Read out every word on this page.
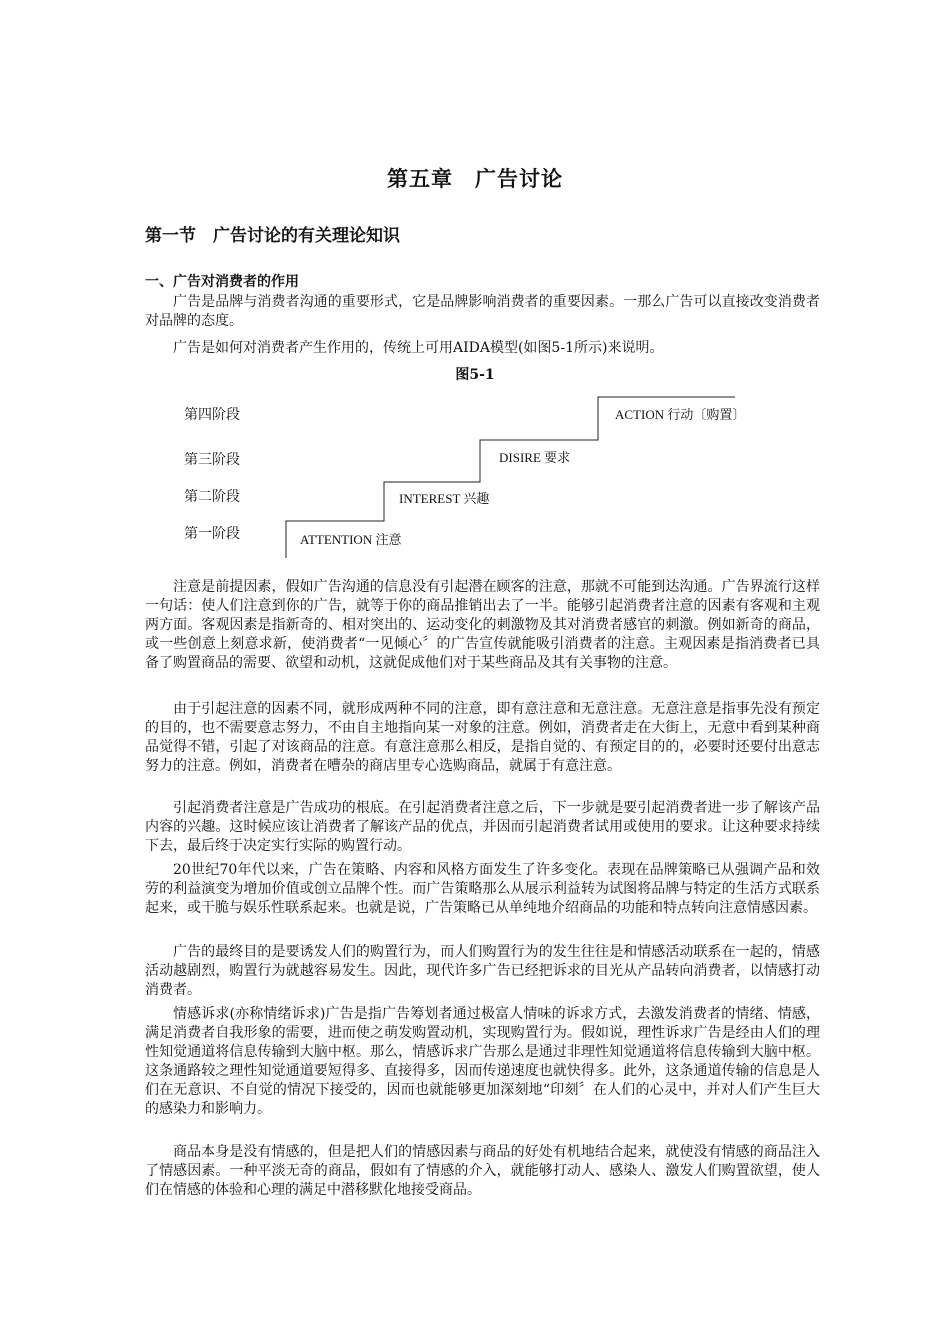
第五章　广告讨论
第一节　广告讨论的有关理论知识
一、广告对消费者的作用

广告是品牌与消费者沟通的重要形式，它是品牌影响消费者的重要因素。一那么广告可以直接改变消费者对品牌的态度。

广告是如何对消费者产生作用的，传统上可用AIDA模型(如图5-1所示)来说明。

图5-1
第四阶段
第三阶段
第二阶段
第一阶段	ATTENTION 注意
INTEREST 兴趣
DISIRE 要求
ACTION 行动〔购置〕

注意是前提因素，假如广告沟通的信息没有引起潜在顾客的注意，那就不可能到达沟通。广告界流行这样一句话：使人们注意到你的广告，就等于你的商品推销出去了一半。能够引起消费者注意的因素有客观和主观两方面。客观因素是指新奇的、相对突出的、运动变化的刺激物及其对消费者感官的刺激。例如新奇的商品，或一些创意上刻意求新，使消费者“一见倾心〞的广告宣传就能吸引消费者的注意。主观因素是指消费者已具备了购置商品的需要、欲望和动机，这就促成他们对于某些商品及其有关事物的注意。

由于引起注意的因素不同，就形成两种不同的注意，即有意注意和无意注意。无意注意是指事先没有预定的目的，也不需要意志努力，不由自主地指向某一对象的注意。例如，消费者走在大街上，无意中看到某种商品觉得不错，引起了对该商品的注意。有意注意那么相反，是指自觉的、有预定目的的，必要时还要付出意志努力的注意。例如，消费者在嘈杂的商店里专心选购商品，就属于有意注意。

引起消费者注意是广告成功的根底。在引起消费者注意之后，下一步就是要引起消费者进一步了解该产品内容的兴趣。这时候应该让消费者了解该产品的优点，并因而引起消费者试用或使用的要求。让这种要求持续下去，最后终于决定实行实际的购置行动。

20世纪70年代以来，广告在策略、内容和风格方面发生了许多变化。表现在品牌策略已从强调产品和效劳的利益演变为增加价值或创立品牌个性。而广告策略那么从展示利益转为试图将品牌与特定的生活方式联系起来，或干脆与娱乐性联系起来。也就是说，广告策略已从单纯地介绍商品的功能和特点转向注意情感因素。

广告的最终目的是要诱发人们的购置行为，而人们购置行为的发生往往是和情感活动联系在一起的，情感活动越剧烈，购置行为就越容易发生。因此，现代许多广告已经把诉求的目光从产品转向消费者，以情感打动消费者。

情感诉求(亦称情绪诉求)广告是指广告筹划者通过极富人情味的诉求方式，去激发消费者的情绪、情感，满足消费者自我形象的需要，进而使之萌发购置动机，实现购置行为。假如说，理性诉求广告是经由人们的理性知觉通道将信息传输到大脑中枢。那么，情感诉求广告那么是通过非理性知觉通道将信息传输到大脑中枢。这条通路较之理性知觉通道要短得多、直接得多，因而传递速度也就快得多。此外，这条通道传输的信息是人们在无意识、不自觉的情况下接受的，因而也就能够更加深刻地“印刻〞在人们的心灵中，并对人们产生巨大的感染力和影响力。

商品本身是没有情感的，但是把人们的情感因素与商品的好处有机地结合起来，就使没有情感的商品注入了情感因素。一种平淡无奇的商品，假如有了情感的介入，就能够打动人、感染人、激发人们购置欲望，使人们在情感的体验和心理的满足中潜移默化地接受商品。
